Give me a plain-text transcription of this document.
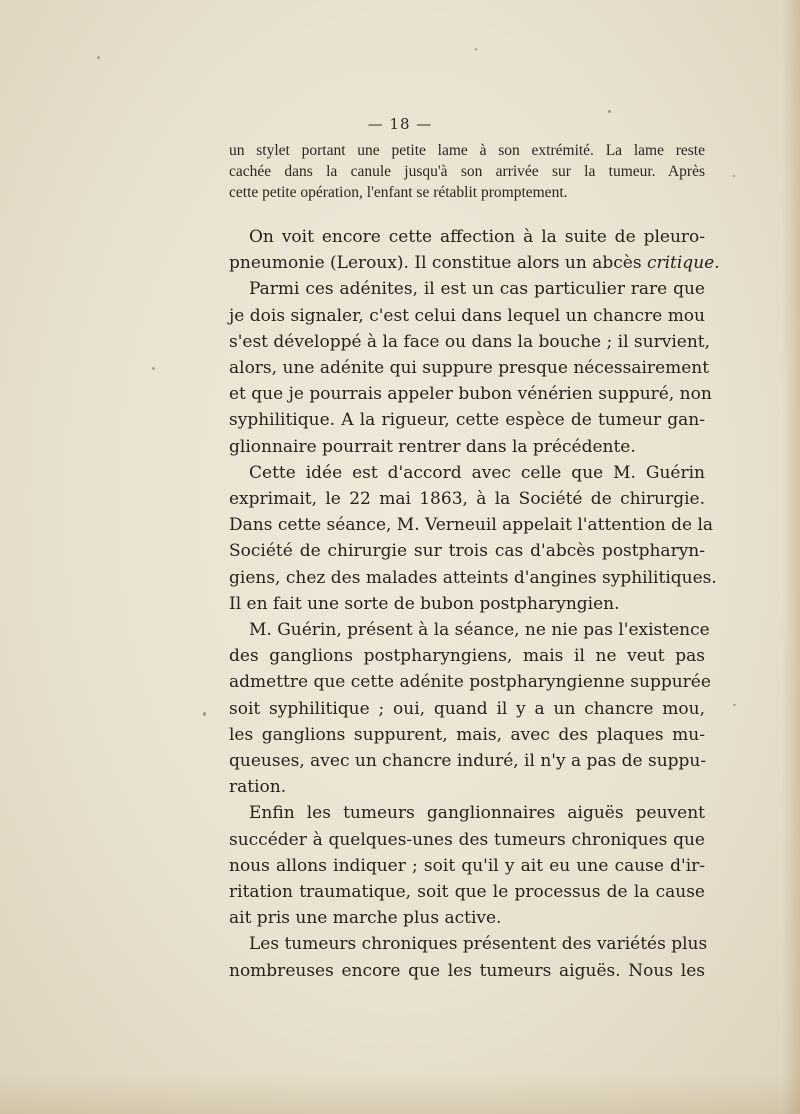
— 18 —
un stylet portant une petite lame à son extrémité. La lame reste
cachée dans la canule jusqu'à son arrivée sur la tumeur. Après
cette petite opération, l'enfant se rétablit promptement.
On voit encore cette affection à la suite de pleuro-
pneumonie (Leroux). Il constitue alors un abcès critique.
Parmi ces adénites, il est un cas particulier rare que
je dois signaler, c'est celui dans lequel un chancre mou
s'est développé à la face ou dans la bouche ; il survient,
alors, une adénite qui suppure presque nécessairement
et que je pourrais appeler bubon vénérien suppuré, non
syphilitique. A la rigueur, cette espèce de tumeur gan-
glionnaire pourrait rentrer dans la précédente.
Cette idée est d'accord avec celle que M. Guérin
exprimait, le 22 mai 1863, à la Société de chirurgie.
Dans cette séance, M. Verneuil appelait l'attention de la
Société de chirurgie sur trois cas d'abcès postpharyn-
giens, chez des malades atteints d'angines syphilitiques.
Il en fait une sorte de bubon postpharyngien.
M. Guérin, présent à la séance, ne nie pas l'existence
des ganglions postpharyngiens, mais il ne veut pas
admettre que cette adénite postpharyngienne suppurée
soit syphilitique ; oui, quand il y a un chancre mou,
les ganglions suppurent, mais, avec des plaques mu-
queuses, avec un chancre induré, il n'y a pas de suppu-
ration.
Enfin les tumeurs ganglionnaires aiguës peuvent
succéder à quelques-unes des tumeurs chroniques que
nous allons indiquer ; soit qu'il y ait eu une cause d'ir-
ritation traumatique, soit que le processus de la cause
ait pris une marche plus active.
Les tumeurs chroniques présentent des variétés plus
nombreuses encore que les tumeurs aiguës. Nous les
